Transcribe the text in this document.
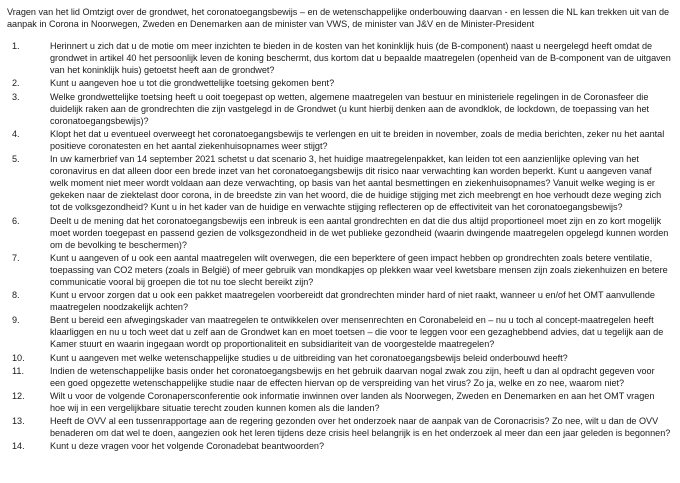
Vragen van het lid Omtzigt over de grondwet, het coronatoegangsbewijs – en de wetenschappelijke onderbouwing daarvan - en lessen die NL kan trekken uit van de aanpak in Corona in Noorwegen, Zweden en Denemarken aan de minister van VWS, de minister van J&V en de Minister-President

1.	Herinnert u zich dat u de motie om meer inzichten te bieden in de kosten van het koninklijk huis (de B-component) naast u neergelegd heeft omdat de grondwet in artikel 40 het persoonlijk leven de koning beschermt, dus kortom dat u bepaalde maatregelen (openheid van de B-component van de uitgaven van het koninklijk huis) getoetst heeft aan de grondwet?
2.	Kunt u aangeven hoe u tot die grondwettelijke toetsing gekomen bent?
3.	Welke grondwettelijke toetsing heeft u ooit toegepast op wetten, algemene maatregelen van bestuur en ministeriele regelingen in de Coronasfeer die duidelijk raken aan de grondrechten die zijn vastgelegd in de Grondwet (u kunt hierbij denken aan de avondklok, de lockdown, de toepassing van het coronatoegangsbewijs)?
4.	Klopt het dat u eventueel overweegt het coronatoegangsbewijs te verlengen en uit te breiden in november, zoals de media berichten, zeker nu het aantal positieve coronatesten en het aantal ziekenhuisopnames weer stijgt?
5.	In uw kamerbrief van 14 september 2021 schetst u dat scenario 3, het huidige maatregelenpakket, kan leiden tot een aanzienlijke opleving van het coronavirus en dat alleen door een brede inzet van het coronatoegangsbewijs dit risico naar verwachting kan worden beperkt. Kunt u aangeven vanaf welk moment niet meer wordt voldaan aan deze verwachting, op basis van het aantal besmettingen en ziekenhuisopnames? Vanuit welke weging is er gekeken naar de ziektelast door corona, in de breedste zin van het woord, die de huidige stijging met zich meebrengt en hoe verhoudt deze weging zich tot de volksgezondheid? Kunt u in het kader van de huidige en verwachte stijging reflecteren op de effectiviteit van het coronatoegangsbewijs?
6.	Deelt u de mening dat het coronatoegangsbewijs een inbreuk is een aantal grondrechten en dat die dus altijd proportioneel moet zijn en zo kort mogelijk moet worden toegepast en passend gezien de volksgezondheid in de wet publieke gezondheid (waarin dwingende maatregelen opgelegd kunnen worden om de bevolking te beschermen)?
7.	Kunt u aangeven of u ook een aantal maatregelen wilt overwegen, die een beperktere of geen impact hebben op grondrechten zoals betere ventilatie, toepassing van CO2 meters (zoals in België) of meer gebruik van mondkapjes op plekken waar veel kwetsbare mensen zijn zoals ziekenhuizen en betere communicatie vooral bij groepen die tot nu toe slecht bereikt zijn?
8.	Kunt u ervoor zorgen dat u ook een pakket maatregelen voorbereidt dat grondrechten minder hard of niet raakt, wanneer u en/of het OMT aanvullende maatregelen noodzakelijk achten?
9.	Bent u bereid een afwegingskader van maatregelen te ontwikkelen over mensenrechten en Coronabeleid en – nu u toch al concept-maatregelen heeft klaarliggen en nu u toch weet dat u zelf aan de Grondwet kan en moet toetsen – die voor te leggen voor een gezaghebbend advies, dat u tegelijk aan de Kamer stuurt en waarin ingegaan wordt op proportionaliteit en subsidiariteit van de voorgestelde maatregelen?
10.	Kunt u aangeven met welke wetenschappelijke studies u de uitbreiding van het coronatoegangsbewijs beleid onderbouwd heeft?
11.	Indien de wetenschappelijke basis onder het coronatoegangsbewijs en het gebruik daarvan nogal zwak zou zijn, heeft u dan al opdracht gegeven voor een goed opgezette wetenschappelijke studie naar de effecten hiervan op de verspreiding van het virus? Zo ja, welke en zo nee, waarom niet?
12.	Wilt u voor de volgende Coronapersconferentie ook informatie inwinnen over landen als Noorwegen, Zweden en Denemarken en aan het OMT vragen hoe wij in een vergelijkbare situatie terecht zouden kunnen komen als die landen?
13.	Heeft de OVV al een tussenrapportage aan de regering gezonden over het onderzoek naar de aanpak van de Coronacrisis? Zo nee, wilt u dan de OVV benaderen om dat wel te doen, aangezien ook het leren tijdens deze crisis heel belangrijk is en het onderzoek al meer dan een jaar geleden is begonnen?
14.	Kunt u deze vragen voor het volgende Coronadebat beantwoorden?
